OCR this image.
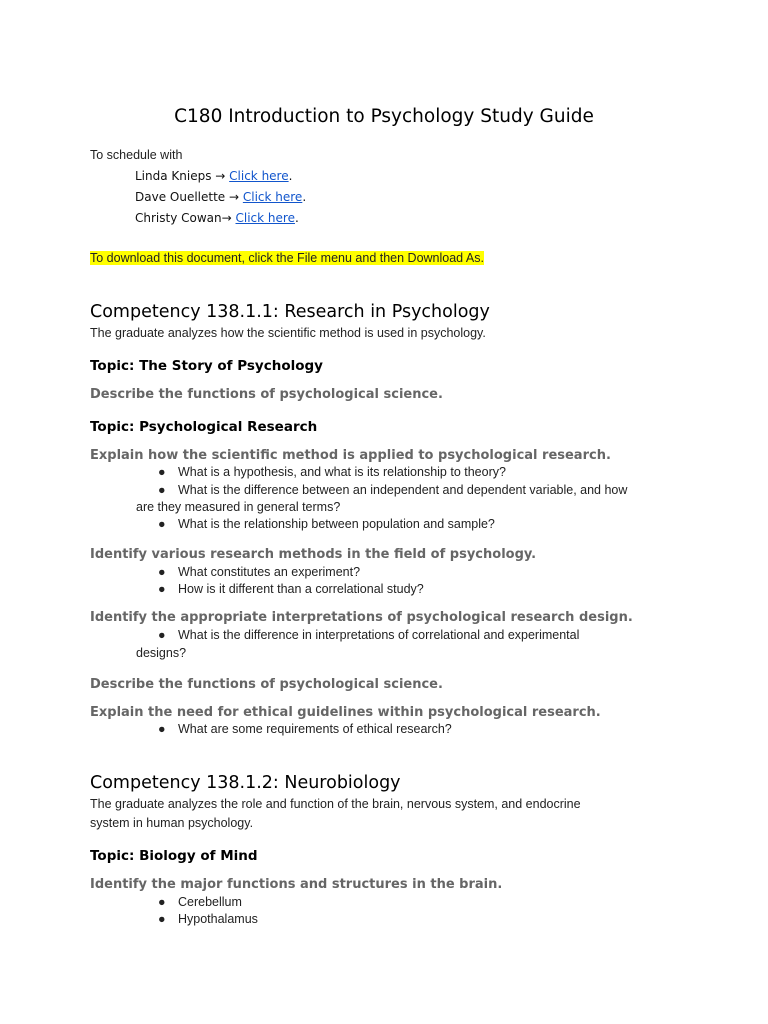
C180 Introduction to Psychology Study Guide
To schedule with
Linda Knieps → Click here.
Dave Ouellette → Click here.
Christy Cowan→ Click here.
To download this document, click the File menu and then Download As.
Competency 138.1.1: Research in Psychology
The graduate analyzes how the scientific method is used in psychology.
Topic: The Story of Psychology
Describe the functions of psychological science.
Topic: Psychological Research
Explain how the scientific method is applied to psychological research.
● What is a hypothesis, and what is its relationship to theory?
● What is the difference between an independent and dependent variable, and how
are they measured in general terms?
● What is the relationship between population and sample?
Identify various research methods in the field of psychology.
● What constitutes an experiment?
● How is it different than a correlational study?
Identify the appropriate interpretations of psychological research design.
● What is the difference in interpretations of correlational and experimental
designs?
Describe the functions of psychological science.
Explain the need for ethical guidelines within psychological research.
● What are some requirements of ethical research?
Competency 138.1.2: Neurobiology
The graduate analyzes the role and function of the brain, nervous system, and endocrine
system in human psychology.
Topic: Biology of Mind
Identify the major functions and structures in the brain.
● Cerebellum
● Hypothalamus
